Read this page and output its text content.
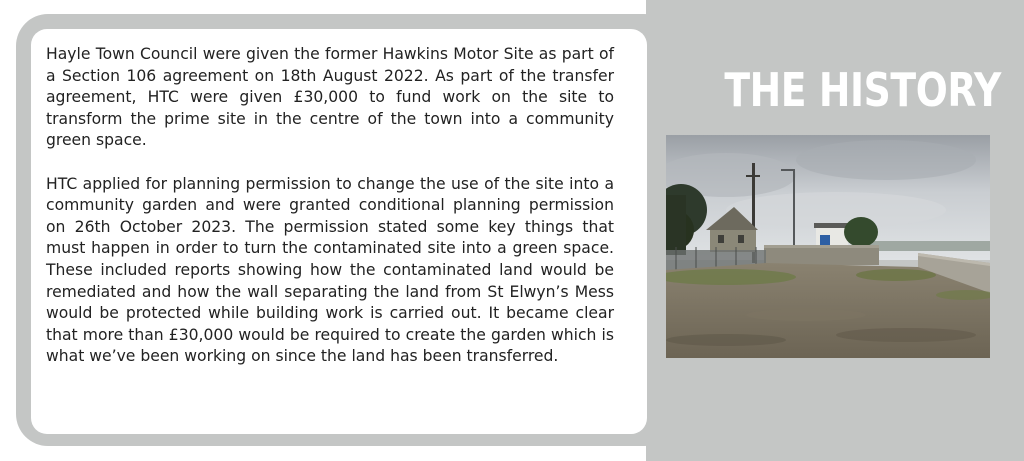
Hayle Town Council were given the former Hawkins Motor Site as part of a Section 106 agreement on 18th August 2022. As part of the transfer agreement, HTC were given £30,000 to fund work on the site to transform the prime site in the centre of the town into a community green space.

HTC applied for planning permission to change the use of the site into a community garden and were granted conditional planning permission on 26th October 2023. The permission stated some key things that must happen in order to turn the contaminated site into a green space. These included reports showing how the contaminated land would be remediated and how the wall separating the land from St Elwyn’s Mess would be protected while building work is carried out. It became clear that more than £30,000 would be required to create the garden which is what we’ve been working on since the land has been transferred.

THE HISTORY
